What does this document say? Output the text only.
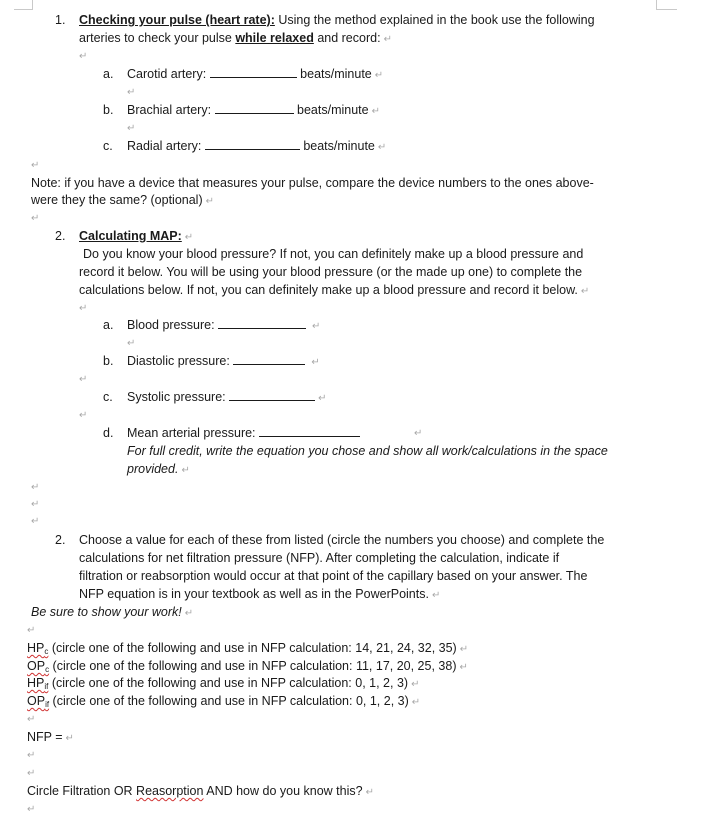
1. Checking your pulse (heart rate): Using the method explained in the book use the following
arteries to check your pulse while relaxed and record: ↵
↵
a. Carotid artery:	beats/minute ↵
↵
b. Brachial artery:	beats/minute ↵
↵
c. Radial artery:	beats/minute ↵
↵
Note: if you have a device that measures your pulse, compare the device numbers to the ones above-
were they the same? (optional) ↵
↵
2. Calculating MAP: ↵
Do you know your blood pressure? If not, you can definitely make up a blood pressure and
record it below. You will be using your blood pressure (or the made up one) to complete the
calculations below. If not, you can definitely make up a blood pressure and record it below. ↵
↵
a. Blood pressure:	↵
↵
b. Diastolic pressure:	↵
↵
c. Systolic pressure:	↵
↵
d. Mean arterial pressure:	↵
For full credit, write the equation you chose and show all work/calculations in the space
provided. ↵
↵
↵
↵
2. Choose a value for each of these from listed (circle the numbers you choose) and complete the
calculations for net filtration pressure (NFP). After completing the calculation, indicate if
filtration or reabsorption would occur at that point of the capillary based on your answer. The
NFP equation is in your textbook as well as in the PowerPoints. ↵
Be sure to show your work! ↵
↵
$HP_c$ (circle one of the following and use in NFP calculation: 14, 21, 24, 32, 35) ↵
$OP_c$ (circle one of the following and use in NFP calculation: 11, 17, 20, 25, 38) ↵
$HP_{if}$ (circle one of the following and use in NFP calculation: 0, 1, 2, 3) ↵
$OP_{if}$ (circle one of the following and use in NFP calculation: 0, 1, 2, 3) ↵
↵
NFP = ↵
↵
↵
Circle Filtration OR Reasorption AND how do you know this? ↵
↵
